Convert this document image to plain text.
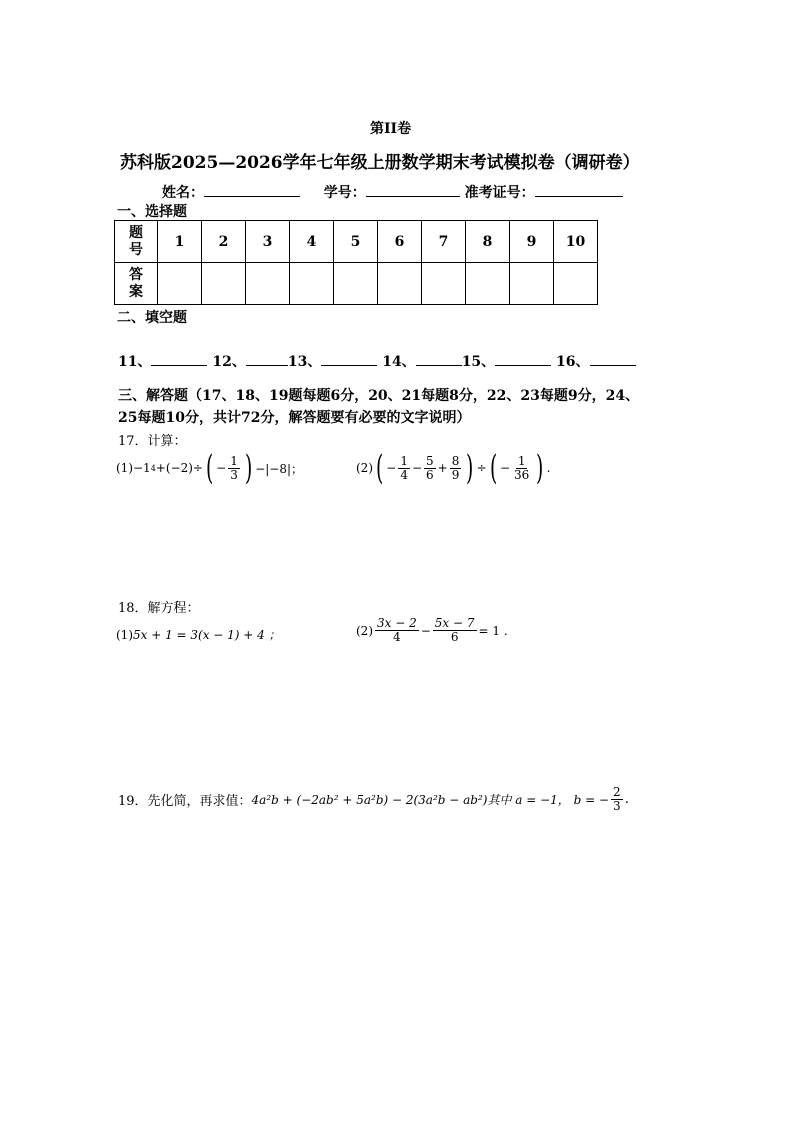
第II卷
苏科版2025—2026学年七年级上册数学期末考试模拟卷（调研卷）
姓名：	学号：	准考证号：
一、选择题
题
号	1	2	3	4	5	6	7	8	9	10

答
案										

二、填空题
11、	12、	13、	14、	15、	16、
三、解答题（17、18、19题每题6分，20、21每题8分，22、23每题9分，24、
25每题10分，共计72分，解答题要有必要的文字说明）
17．计算：
(1) −1 4 +(−2)÷ ( − $\frac{1}{3}$ ) −|−8|；	(2) ( − $\frac{1}{4} - \frac{5}{6} + \frac{8}{9}$ ) ÷ ( − $\frac{1}{36}$ ) .
18．解方程：
(1) 5x + 1 = 3(x − 1) + 4 ；	$(2) \frac{3x - 2}{4} - \frac{5x - 7}{6} = 1$ .
19．先化简，再求值： 4a²b + (−2ab² + 5a²b) − 2(3a²b − ab²) 其中 a = −1， b = − $\frac{2}{3}$ .
